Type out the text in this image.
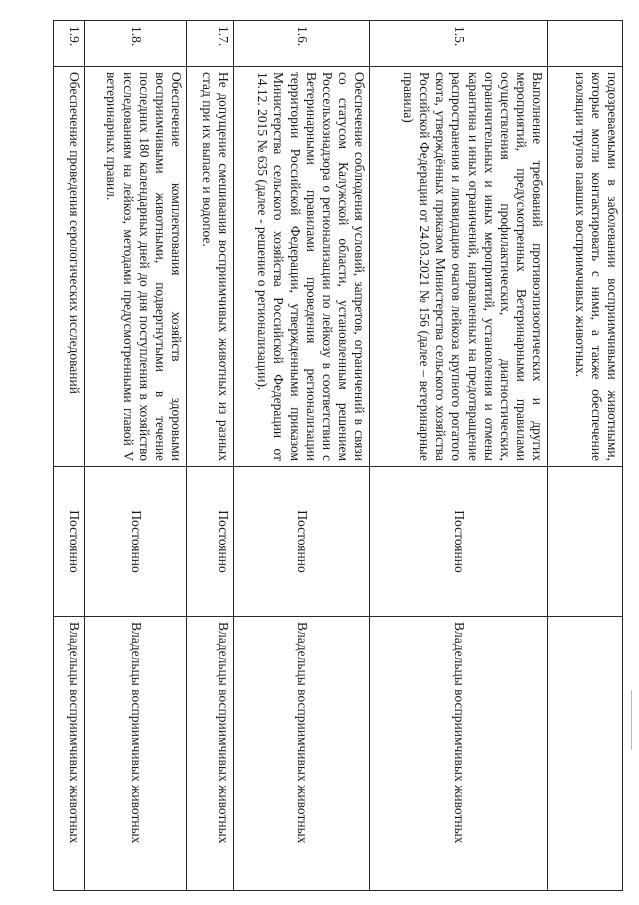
	подозреваемыми в заболевании восприимчивыми животными, которые могли контактировать с ними, а также обеспечение изоляции трупов павших восприимчивых животных.		
1.5.	Выполнение требований противоэпизоотических и других мероприятий, предусмотренных Ветеринарными правилами осуществления профилактических, диагностических, ограничительных и иных мероприятий, установления и отмены карантина и иных ограничений, направленных на предотвращение распространения и ликвидацию очагов лейкоза крупного рогатого скота, утверждённых приказом Министерства сельского хозяйства Российской Федерации от 24.03.2021 № 156 (далее – ветеринарные правила)	Постоянно	Владельцы восприимчивых животных
1.6.	Обеспечение соблюдения условий, запретов, ограничений в связи со статусом Калужской области, установленным решением Россельхознадзора о регионализации по лейкозу в соответствии с Ветеринарными правилами проведения регионализации территории Российской Федерации, утвержденными приказом Министерства сельского хозяйства Российской Федерации от 14.12. 2015 № 635 (далее - решение о регионализации).	Постоянно	Владельцы восприимчивых животных
1.7.	Не допущение смешивания восприимчивых животных из разных стад при их выпасе и водопое.	Постоянно	Владельцы восприимчивых животных
1.8.	Обеспечение комплектования хозяйств здоровыми восприимчивыми животными, подвергнутыми в течение последних 180 календарных дней до дня поступления в хозяйство исследованиям на лейкоз, методами предусмотренными главой V ветеринарных правил.	Постоянно	Владельцы восприимчивых животных
1.9.	Обеспечение проведения серологических исследований	Постоянно	Владельцы восприимчивых животных
